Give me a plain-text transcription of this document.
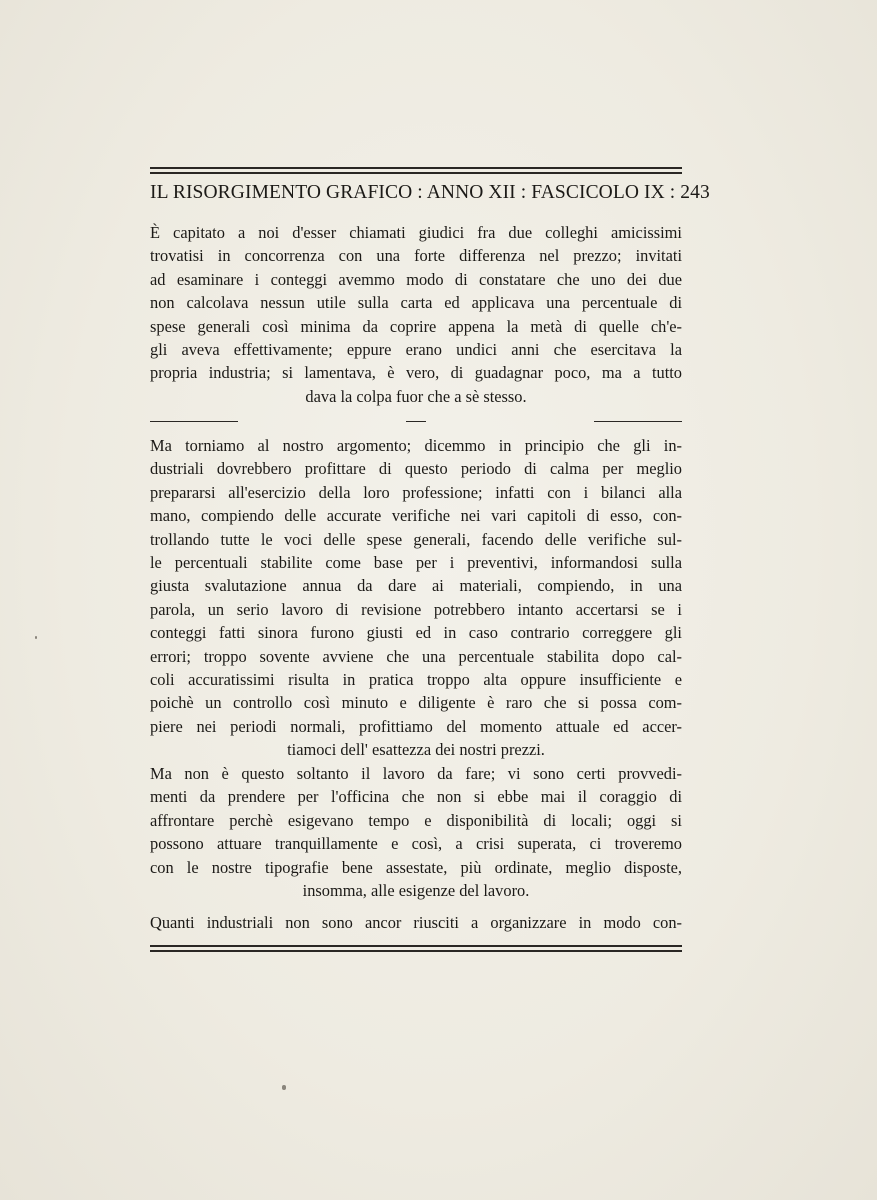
IL RISORGIMENTO GRAFICO : ANNO XII : FASCICOLO IX : 243
È capitato a noi d'esser chiamati giudici fra due colleghi amicissimi
trovatisi in concorrenza con una forte differenza nel prezzo; invitati
ad esaminare i conteggi avemmo modo di constatare che uno dei due
non calcolava nessun utile sulla carta ed applicava una percentuale di
spese generali così minima da coprire appena la metà di quelle ch'e-
gli aveva effettivamente; eppure erano undici anni che esercitava la
propria industria; si lamentava, è vero, di guadagnar poco, ma a tutto
dava la colpa fuor che a sè stesso.
Ma torniamo al nostro argomento; dicemmo in principio che gli in-
dustriali dovrebbero profittare di questo periodo di calma per meglio
prepararsi all'esercizio della loro professione; infatti con i bilanci alla
mano, compiendo delle accurate verifiche nei vari capitoli di esso, con-
trollando tutte le voci delle spese generali, facendo delle verifiche sul-
le percentuali stabilite come base per i preventivi, informandosi sulla
giusta svalutazione annua da dare ai materiali, compiendo, in una
parola, un serio lavoro di revisione potrebbero intanto accertarsi se i
conteggi fatti sinora furono giusti ed in caso contrario correggere gli
errori; troppo sovente avviene che una percentuale stabilita dopo cal-
coli accuratissimi risulta in pratica troppo alta oppure insufficiente e
poichè un controllo così minuto e diligente è raro che si possa com-
piere nei periodi normali, profittiamo del momento attuale ed accer-
tiamoci dell' esattezza dei nostri prezzi.
Ma non è questo soltanto il lavoro da fare; vi sono certi provvedi-
menti da prendere per l'officina che non si ebbe mai il coraggio di
affrontare perchè esigevano tempo e disponibilità di locali; oggi si
possono attuare tranquillamente e così, a crisi superata, ci troveremo
con le nostre tipografie bene assestate, più ordinate, meglio disposte,
insomma, alle esigenze del lavoro.
Quanti industriali non sono ancor riusciti a organizzare in modo con-
